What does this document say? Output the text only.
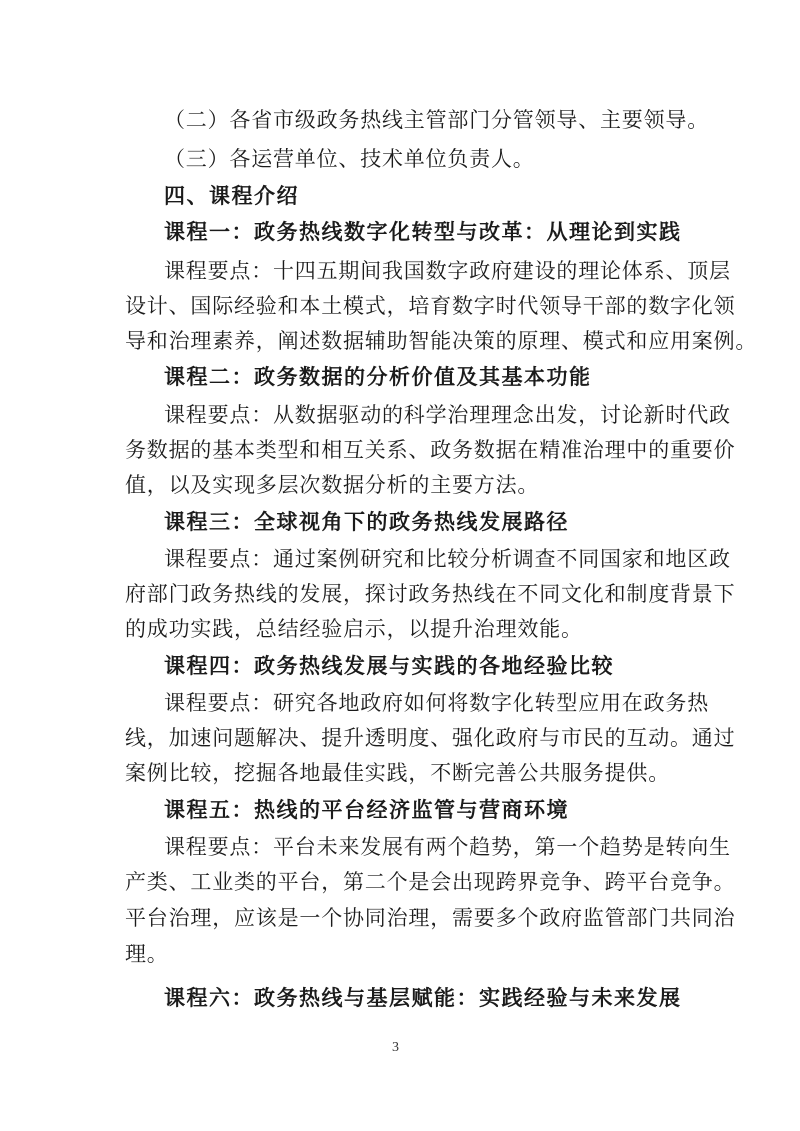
（二）各省市级政务热线主管部门分管领导、主要领导。
（三）各运营单位、技术单位负责人。
四、课程介绍
课程一：政务热线数字化转型与改革：从理论到实践
课程要点：十四五期间我国数字政府建设的理论体系、顶层
设计、国际经验和本土模式，培育数字时代领导干部的数字化领
导和治理素养，阐述数据辅助智能决策的原理、模式和应用案例。
课程二：政务数据的分析价值及其基本功能
课程要点：从数据驱动的科学治理理念出发，讨论新时代政
务数据的基本类型和相互关系、政务数据在精准治理中的重要价
值，以及实现多层次数据分析的主要方法。
课程三：全球视角下的政务热线发展路径
课程要点：通过案例研究和比较分析调查不同国家和地区政
府部门政务热线的发展，探讨政务热线在不同文化和制度背景下
的成功实践，总结经验启示，以提升治理效能。
课程四：政务热线发展与实践的各地经验比较
课程要点：研究各地政府如何将数字化转型应用在政务热
线，加速问题解决、提升透明度、强化政府与市民的互动。通过
案例比较，挖掘各地最佳实践，不断完善公共服务提供。
课程五：热线的平台经济监管与营商环境
课程要点：平台未来发展有两个趋势，第一个趋势是转向生
产类、工业类的平台，第二个是会出现跨界竞争、跨平台竞争。
平台治理，应该是一个协同治理，需要多个政府监管部门共同治
理。
课程六：政务热线与基层赋能：实践经验与未来发展
3
